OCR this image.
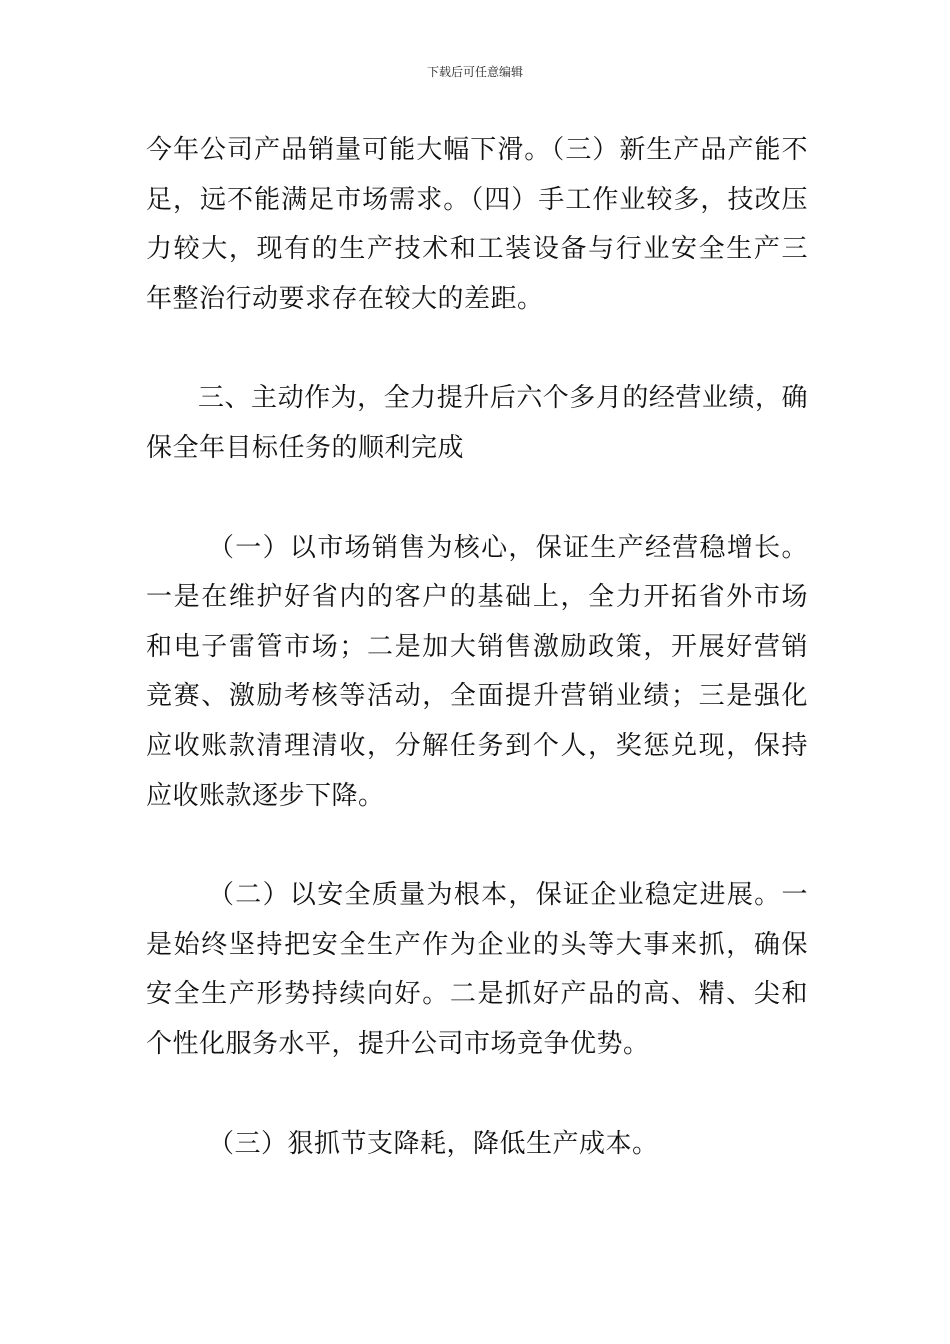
下载后可任意编辑

今年公司产品销量可能大幅下滑。（三）新生产品产能不足，远不能满足市场需求。（四）手工作业较多，技改压力较大，现有的生产技术和工装设备与行业安全生产三年整治行动要求存在较大的差距。

三、主动作为，全力提升后六个多月的经营业绩，确保全年目标任务的顺利完成

（一）以市场销售为核心，保证生产经营稳增长。一是在维护好省内的客户的基础上，全力开拓省外市场和电子雷管市场；二是加大销售激励政策，开展好营销竞赛、激励考核等活动，全面提升营销业绩；三是强化应收账款清理清收，分解任务到个人，奖惩兑现，保持应收账款逐步下降。

（二）以安全质量为根本，保证企业稳定进展。一是始终坚持把安全生产作为企业的头等大事来抓，确保安全生产形势持续向好。二是抓好产品的高、精、尖和个性化服务水平，提升公司市场竞争优势。

（三）狠抓节支降耗，降低生产成本。
